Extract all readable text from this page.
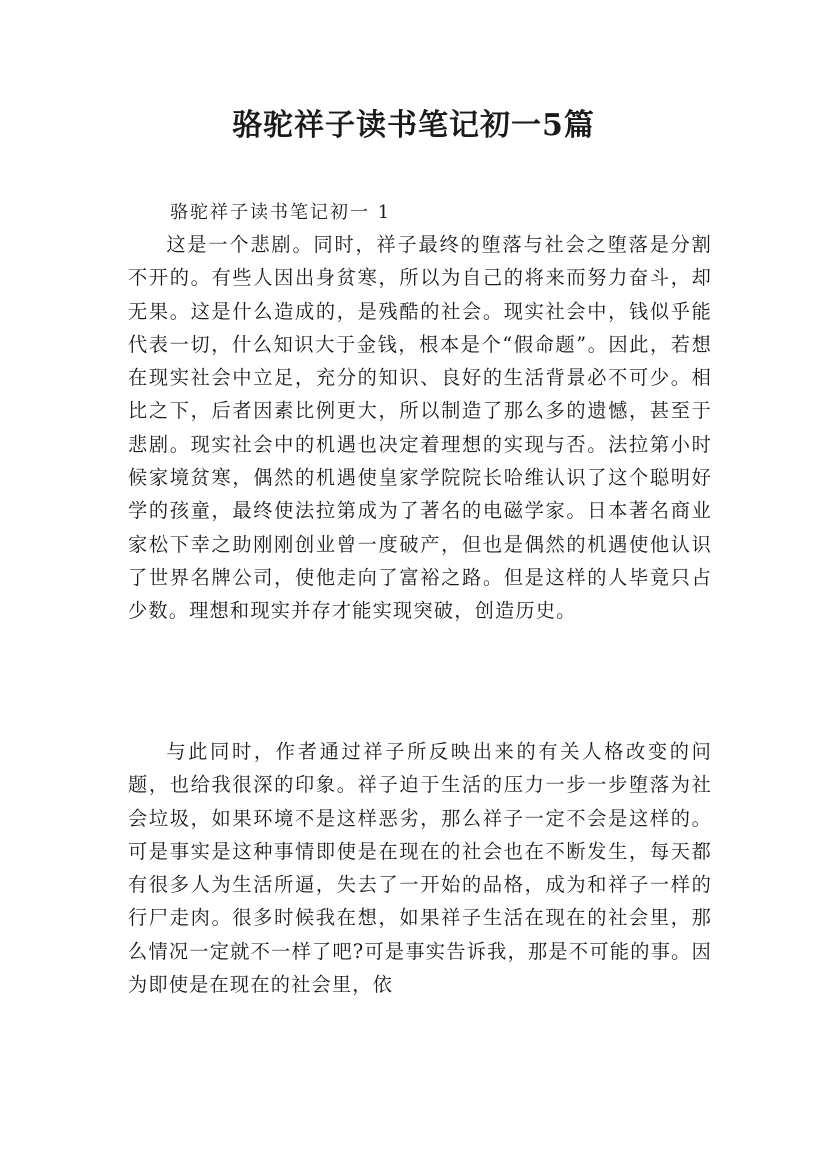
骆驼祥子读书笔记初一5篇
骆驼祥子读书笔记初一 1

这是一个悲剧。同时，祥子最终的堕落与社会之堕落是分割不开的。有些人因出身贫寒，所以为自己的将来而努力奋斗，却无果。这是什么造成的，是残酷的社会。现实社会中，钱似乎能代表一切，什么知识大于金钱，根本是个“假命题”。因此，若想在现实社会中立足，充分的知识、良好的生活背景必不可少。相比之下，后者因素比例更大，所以制造了那么多的遗憾，甚至于悲剧。现实社会中的机遇也决定着理想的实现与否。法拉第小时候家境贫寒，偶然的机遇使皇家学院院长哈维认识了这个聪明好学的孩童，最终使法拉第成为了著名的电磁学家。日本著名商业家松下幸之助刚刚创业曾一度破产，但也是偶然的机遇使他认识了世界名牌公司，使他走向了富裕之路。但是这样的人毕竟只占少数。理想和现实并存才能实现突破，创造历史。

与此同时，作者通过祥子所反映出来的有关人格改变的问题，也给我很深的印象。祥子迫于生活的压力一步一步堕落为社会垃圾，如果环境不是这样恶劣，那么祥子一定不会是这样的。可是事实是这种事情即使是在现在的社会也在不断发生，每天都有很多人为生活所逼，失去了一开始的品格，成为和祥子一样的行尸走肉。很多时候我在想，如果祥子生活在现在的社会里，那么情况一定就不一样了吧?可是事实告诉我，那是不可能的事。因为即使是在现在的社会里，依
